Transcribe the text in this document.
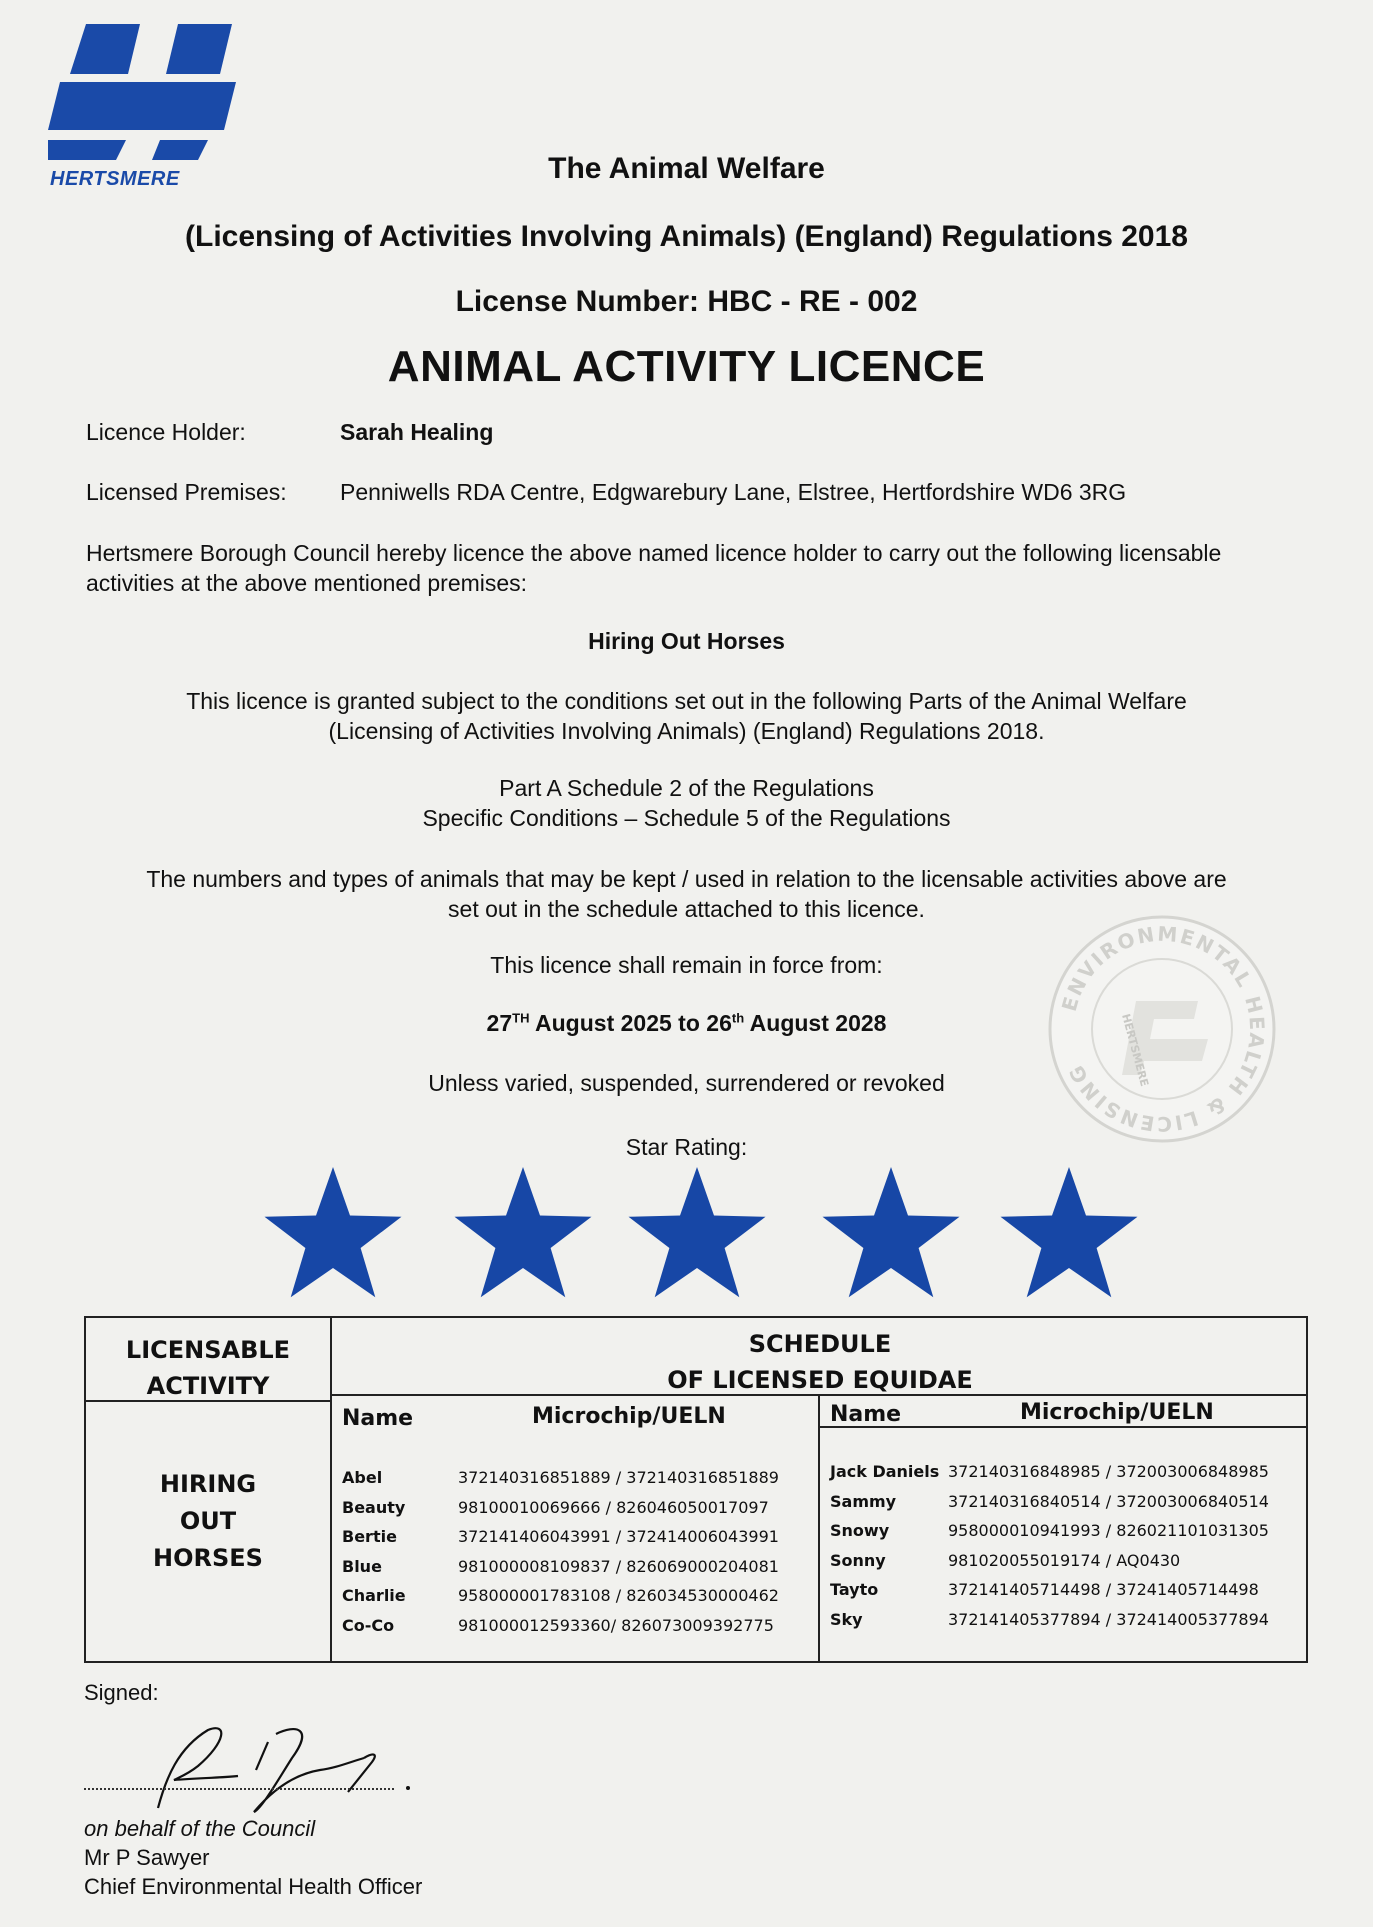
HERTSMERE	The Animal Welfare
(Licensing of Activities Involving Animals) (England) Regulations 2018
License Number: HBC - RE - 002
ANIMAL ACTIVITY LICENCE
Licence Holder:	Sarah Healing
Licensed Premises: Penniwells RDA Centre, Edgwarebury Lane, Elstree, Hertfordshire WD6 3RG
Hertsmere Borough Council hereby licence the above named licence holder to carry out the following licensable activities at the above mentioned premises:
Hiring Out Horses
This licence is granted subject to the conditions set out in the following Parts of the Animal Welfare
(Licensing of Activities Involving Animals) (England) Regulations 2018.
Part A Schedule 2 of the Regulations
Specific Conditions – Schedule 5 of the Regulations
The numbers and types of animals that may be kept / used in relation to the licensable activities above are
set out in the schedule attached to this licence.
This licence shall remain in force from:
27TH August 2025 to 26th August 2028
Unless varied, suspended, surrendered or revoked
Star Rating:
ENVIRONMENTAL HEALTH & LICENSING	HERTSMERE
LICENSABLE
ACTIVITY
SCHEDULE
OF LICENSED EQUIDAE
HIRING
OUT
HORSES
Name	Microchip/UELN	Name	Microchip/UELN
Abel	372140316851889 / 372140316851889
Beauty	98100010069666 / 826046050017097
Bertie	372141406043991 / 372414006043991
Blue	981000008109837 / 826069000204081
Charlie	958000001783108 / 826034530000462
Co-Co	981000012593360/ 826073009392775
Jack Daniels 372140316848985 / 372003006848985
Sammy	372140316840514 / 372003006840514
Snowy	958000010941993 / 826021101031305
Sonny	981020055019174 / AQ0430
Tayto	372141405714498 / 37241405714498
Sky	372141405377894 / 372414005377894
Signed:
on behalf of the Council
Mr P Sawyer
Chief Environmental Health Officer
